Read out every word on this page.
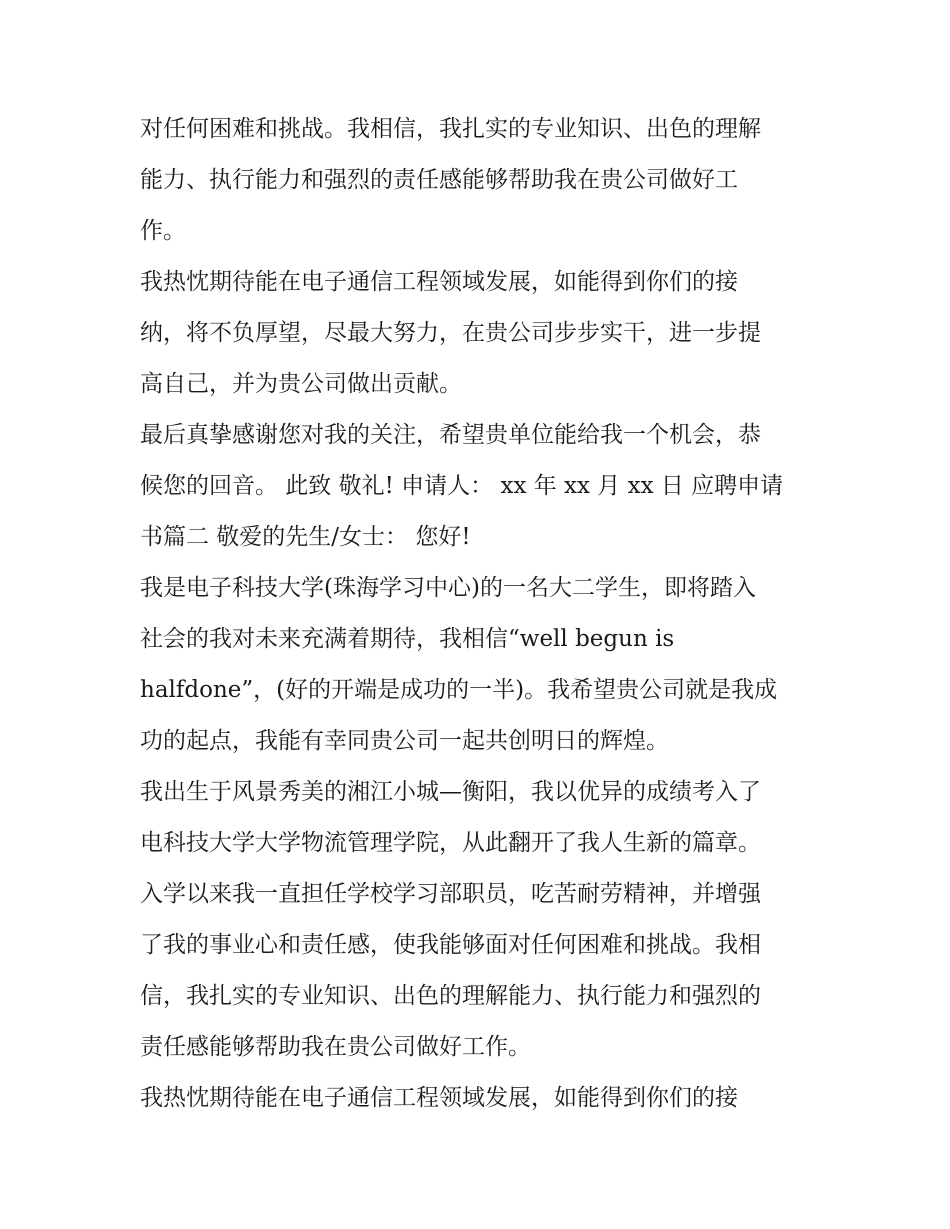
对任何困难和挑战。我相信，我扎实的专业知识、出色的理解
能力、执行能力和强烈的责任感能够帮助我在贵公司做好工
作。

我热忱期待能在电子通信工程领域发展，如能得到你们的接
纳，将不负厚望，尽最大努力，在贵公司步步实干，进一步提
高自己，并为贵公司做出贡献。

最后真挚感谢您对我的关注，希望贵单位能给我一个机会，恭
候您的回音。 此致 敬礼! 申请人： xx 年 xx 月 xx 日 应聘申请
书篇二 敬爱的先生/女士： 您好!

我是电子科技大学(珠海学习中心)的一名大二学生，即将踏入
社会的我对未来充满着期待，我相信“well begun is
halfdone”，(好的开端是成功的一半)。我希望贵公司就是我成
功的起点，我能有幸同贵公司一起共创明日的辉煌。

我出生于风景秀美的湘江小城—衡阳，我以优异的成绩考入了
电科技大学大学物流管理学院，从此翻开了我人生新的篇章。
入学以来我一直担任学校学习部职员，吃苦耐劳精神，并增强
了我的事业心和责任感，使我能够面对任何困难和挑战。我相
信，我扎实的专业知识、出色的理解能力、执行能力和强烈的
责任感能够帮助我在贵公司做好工作。

我热忱期待能在电子通信工程领域发展，如能得到你们的接
